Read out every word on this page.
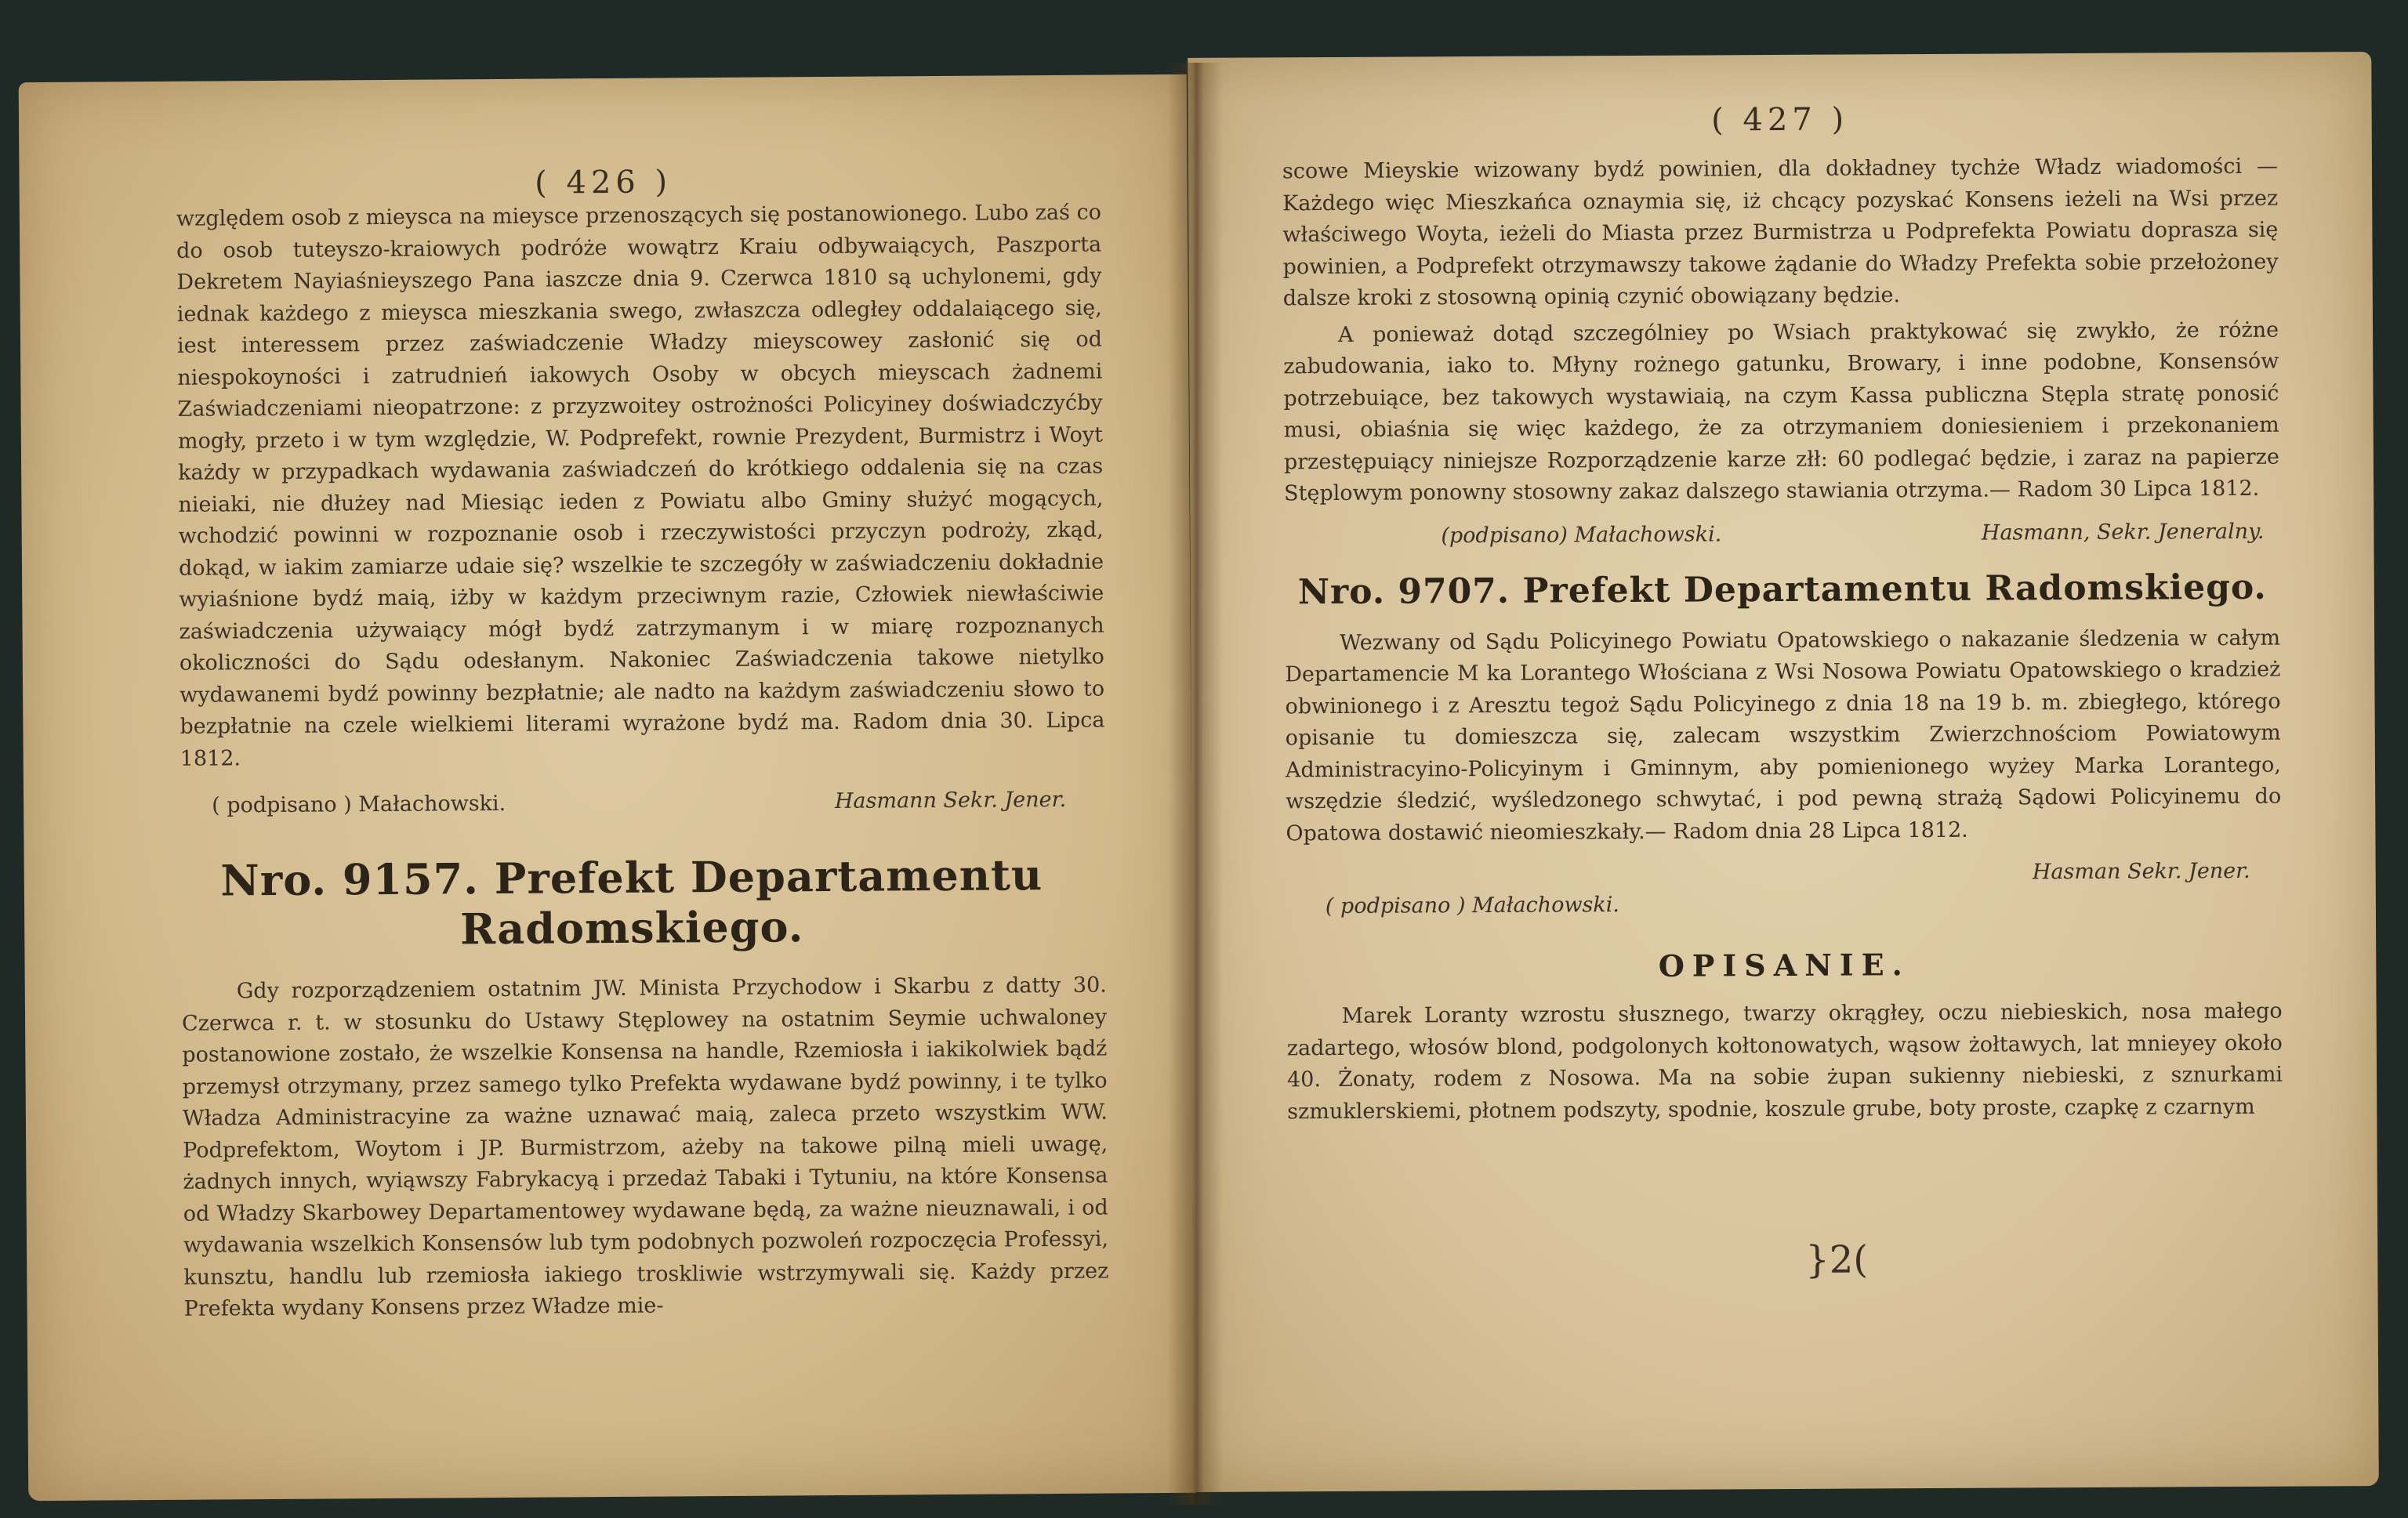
( 426 )

względem osob z mieysca na mieysce przenoszących się postanowionego. Lubo zaś co do osob tuteyszo-kraiowych podróże wowątrz Kraiu odbywaiących, Paszporta Dekretem Nayiaśnieyszego Pana iaszcze dnia 9. Czerwca 1810 są uchylonemi, gdy iednak każdego z mieysca mieszkania swego, zwłaszcza odległey oddalaiącego się, iest interessem przez zaświadczenie Władzy mieyscowey zasłonić się od niespokoyności i zatrudnień iakowych Osoby w obcych mieyscach żadnemi Zaświadczeniami nieopatrzone: z przyzwoitey ostrożności Policyiney doświadczyćby mogły, przeto i w tym względzie, W. Podprefekt, rownie Prezydent, Burmistrz i Woyt każdy w przypadkach wydawania zaświadczeń do krótkiego oddalenia się na czas nieiaki, nie dłużey nad Miesiąc ieden z Powiatu albo Gminy służyć mogących, wchodzić powinni w rozpoznanie osob i rzeczywistości przyczyn podroży, zkąd, dokąd, w iakim zamiarze udaie się? wszelkie te szczegóły w zaświadczeniu dokładnie wyiaśnione bydź maią, iżby w każdym przeciwnym razie, Człowiek niewłaściwie zaświadczenia używaiący mógł bydź zatrzymanym i w miarę rozpoznanych okoliczności do Sądu odesłanym. Nakoniec Zaświadczenia takowe nietylko wydawanemi bydź powinny bezpłatnie; ale nadto na każdym zaświadczeniu słowo to bezpłatnie na czele wielkiemi literami wyrażone bydź ma. Radom dnia 30. Lipca 1812.

( podpisano ) Małachowski.	Hasmann Sekr. Jener.
Nro. 9157. Prefekt Departamentu Radomskiego.

Gdy rozporządzeniem ostatnim JW. Minista Przychodow i Skarbu z datty 30. Czerwca r. t. w stosunku do Ustawy Stęplowey na ostatnim Seymie uchwaloney postanowione zostało, że wszelkie Konsensa na handle, Rzemiosła i iakikolwiek bądź przemysł otrzymany, przez samego tylko Prefekta wydawane bydź powinny, i te tylko Władza Administracyine za ważne uznawać maią, zaleca przeto wszystkim WW. Podprefektom, Woytom i JP. Burmistrzom, ażeby na takowe pilną mieli uwagę, żadnych innych, wyiąwszy Fabrykacyą i przedaż Tabaki i Tytuniu, na które Konsensa od Władzy Skarbowey Departamentowey wydawane będą, za ważne nieuznawali, i od wydawania wszelkich Konsensów lub tym podobnych pozwoleń rozpoczęcia Professyi, kunsztu, handlu lub rzemiosła iakiego troskliwie wstrzymywali się. Każdy przez Prefekta wydany Konsens przez Władze mie-

( 427 )

scowe Mieyskie wizowany bydź powinien, dla dokładney tychże Władz wiadomości — Każdego więc Mieszkańca oznaymia się, iż chcący pozyskać Konsens ieżeli na Wsi przez właściwego Woyta, ieżeli do Miasta przez Burmistrza u Podprefekta Powiatu doprasza się powinien, a Podprefekt otrzymawszy takowe żądanie do Władzy Prefekta sobie przełożoney dalsze kroki z stosowną opinią czynić obowiązany będzie.

A ponieważ dotąd szczególniey po Wsiach praktykować się zwykło, że różne zabudowania, iako to. Młyny rożnego gatunku, Browary, i inne podobne, Konsensów potrzebuiące, bez takowych wystawiaią, na czym Kassa publiczna Stępla stratę ponosić musi, obiaśnia się więc każdego, że za otrzymaniem doniesieniem i przekonaniem przestępuiący niniejsze Rozporządzenie karze złł: 60 podlegać będzie, i zaraz na papierze Stęplowym ponowny stosowny zakaz dalszego stawiania otrzyma.— Radom 30 Lipca 1812.

(podpisano) Małachowski.	Hasmann, Sekr. Jeneralny.
Nro. 9707. Prefekt Departamentu Radomskiego.

Wezwany od Sądu Policyinego Powiatu Opatowskiego o nakazanie śledzenia w całym Departamencie M ka Lorantego Włościana z Wsi Nosowa Powiatu Opatowskiego o kradzież obwinionego i z Aresztu tegoż Sądu Policyinego z dnia 18 na 19 b. m. zbiegłego, którego opisanie tu domieszcza się, zalecam wszystkim Zwierzchnościom Powiatowym Administracyino-Policyinym i Gminnym, aby pomienionego wyżey Marka Lorantego, wszędzie śledzić, wyśledzonego schwytać, i pod pewną strażą Sądowi Policyinemu do Opatowa dostawić nieomieszkały.— Radom dnia 28 Lipca 1812.

Hasman Sekr. Jener.
( podpisano ) Małachowski.
OPISANIE.

Marek Loranty wzrostu słusznego, twarzy okrągłey, oczu niebieskich, nosa małego zadartego, włosów blond, podgolonych kołtonowatych, wąsow żołtawych, lat mnieyey około 40. Żonaty, rodem z Nosowa. Ma na sobie żupan sukienny niebieski, z sznurkami szmuklerskiemi, płotnem podszyty, spodnie, koszule grube, boty proste, czapkę z czarnym

}2(
